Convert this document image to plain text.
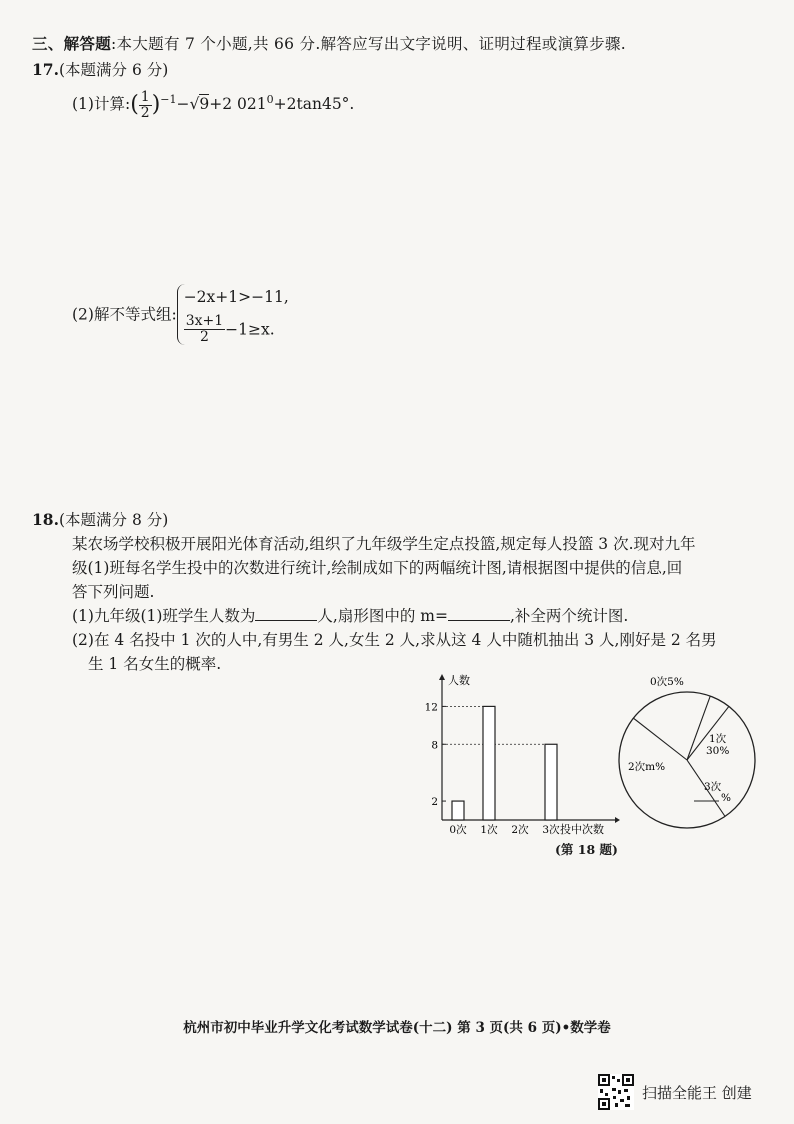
三、解答题:本大题有 7 个小题,共 66 分.解答应写出文字说明、证明过程或演算步骤.
17.(本题满分 6 分)
(1)计算:( $\frac{1}{2} )^{-1}-√9+2$ $021^0+2\tan 45^\circ$.
(2)解不等式组:
−2x+1>−11,
$\frac{3x+1}{2} -1\ge x$.
18.(本题满分 8 分)
某农场学校积极开展阳光体育活动,组织了九年级学生定点投篮,规定每人投篮 3 次.现对九年
级(1)班每名学生投中的次数进行统计,绘制成如下的两幅统计图,请根据图中提供的信息,回
答下列问题.
(1)九年级(1)班学生人数为	人,扇形图中的 m=	,补全两个统计图.
(2)在 4 名投中 1 次的人中,有男生 2 人,女生 2 人,求从这 4 人中随机抽出 3 人,刚好是 2 名男
生 1 名女生的概率.
人数
投中次数
2
8
12
0次 1次 2次 3次
0次5%
1次
30%
2次m%
3次
%
(第 18 题)
杭州市初中毕业升学文化考试数学试卷(十二) 第 3 页(共 6 页)•数学卷
扫描全能王 创建
